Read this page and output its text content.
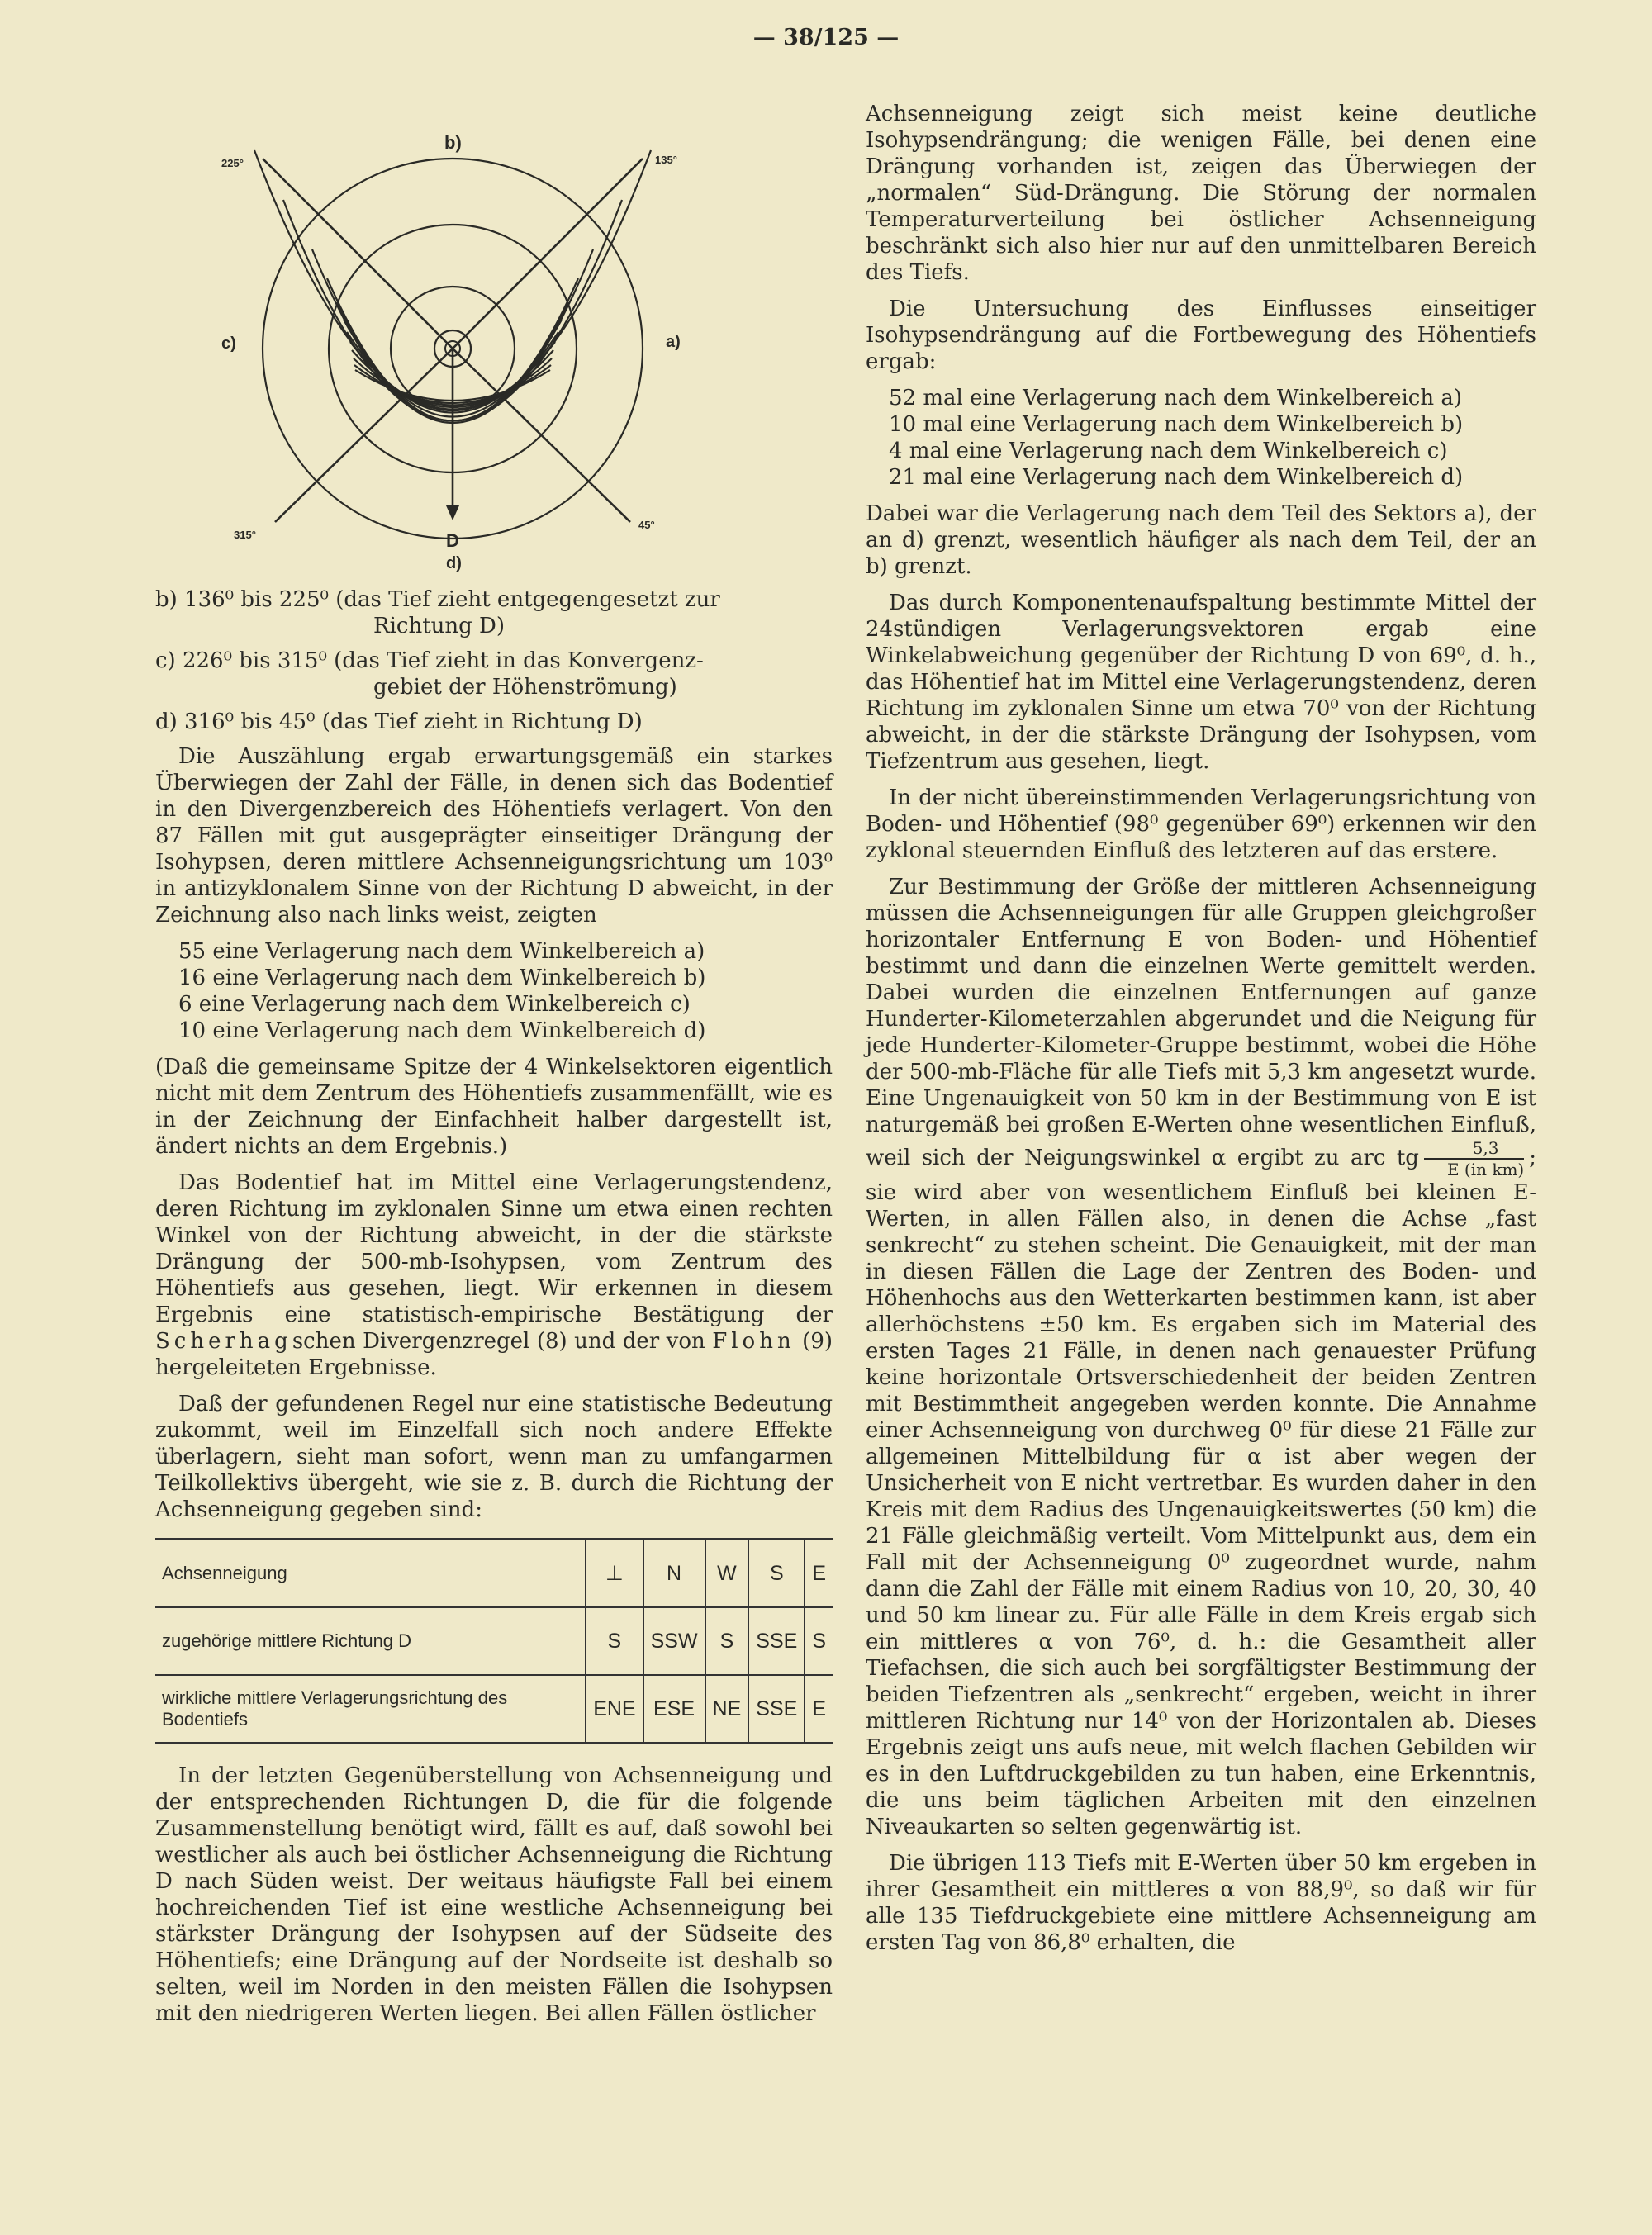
— 38/125 —
b)
c)	a)
D
d)
225°	135°
315°
45°
b) 136⁰ bis 225⁰ (das Tief zieht entgegengesetzt zur
Richtung D)
c) 226⁰ bis 315⁰ (das Tief zieht in das Konvergenz-
gebiet der Höhenströmung)
d) 316⁰ bis 45⁰ (das Tief zieht in Richtung D)

Die Auszählung ergab erwartungsgemäß ein starkes Überwiegen der Zahl der Fälle, in denen sich das Bodentief in den Divergenzbereich des Höhentiefs verlagert. Von den 87 Fällen mit gut ausgeprägter einseitiger Drängung der Isohypsen, deren mittlere Achsenneigungsrichtung um 103⁰ in antizyklonalem Sinne von der Richtung D abweicht, in der Zeichnung also nach links weist, zeigten

55 eine Verlagerung nach dem Winkelbereich a)
16 eine Verlagerung nach dem Winkelbereich b)
6 eine Verlagerung nach dem Winkelbereich c)
10 eine Verlagerung nach dem Winkelbereich d)

(Daß die gemeinsame Spitze der 4 Winkelsektoren eigentlich nicht mit dem Zentrum des Höhentiefs zusammenfällt, wie es in der Zeichnung der Einfachheit halber dargestellt ist, ändert nichts an dem Ergebnis.)

Das Bodentief hat im Mittel eine Verlagerungstendenz, deren Richtung im zyklonalen Sinne um etwa einen rechten Winkel von der Richtung abweicht, in der die stärkste Drängung der 500-mb-Isohypsen, vom Zentrum des Höhentiefs aus gesehen, liegt. Wir erkennen in diesem Ergebnis eine statistisch-empirische Bestätigung der Scherhagschen Divergenzregel (8) und der von Flohn (9) hergeleiteten Ergebnisse.

Daß der gefundenen Regel nur eine statistische Bedeutung zukommt, weil im Einzelfall sich noch andere Effekte überlagern, sieht man sofort, wenn man zu umfangarmen Teilkollektivs übergeht, wie sie z. B. durch die Richtung der Achsenneigung gegeben sind:

Achsenneigung	⊥	N	W	S	E
zugehörige mittlere Richtung D	S	SSW	S	SSE	S
wirkliche mittlere Verlagerungsrichtung des Bodentiefs	ENE	ESE	NE	SSE	E

In der letzten Gegenüberstellung von Achsenneigung und der entsprechenden Richtungen D, die für die folgende Zusammenstellung benötigt wird, fällt es auf, daß sowohl bei westlicher als auch bei östlicher Achsenneigung die Richtung D nach Süden weist. Der weitaus häufigste Fall bei einem hochreichenden Tief ist eine westliche Achsenneigung bei stärkster Drängung der Isohypsen auf der Südseite des Höhentiefs; eine Drängung auf der Nordseite ist deshalb so selten, weil im Norden in den meisten Fällen die Isohypsen mit den niedrigeren Werten liegen. Bei allen Fällen östlicher

Achsenneigung zeigt sich meist keine deutliche Isohypsendrängung; die wenigen Fälle, bei denen eine Drängung vorhanden ist, zeigen das Überwiegen der „normalen“ Süd-Drängung. Die Störung der normalen Temperaturverteilung bei östlicher Achsenneigung beschränkt sich also hier nur auf den unmittelbaren Bereich des Tiefs.

Die Untersuchung des Einflusses einseitiger Isohypsendrängung auf die Fortbewegung des Höhentiefs ergab:

52 mal eine Verlagerung nach dem Winkelbereich a)
10 mal eine Verlagerung nach dem Winkelbereich b)
4 mal eine Verlagerung nach dem Winkelbereich c)
21 mal eine Verlagerung nach dem Winkelbereich d)

Dabei war die Verlagerung nach dem Teil des Sektors a), der an d) grenzt, wesentlich häufiger als nach dem Teil, der an b) grenzt.

Das durch Komponentenaufspaltung bestimmte Mittel der 24stündigen Verlagerungsvektoren ergab eine Winkelabweichung gegenüber der Richtung D von 69⁰, d. h., das Höhentief hat im Mittel eine Verlagerungstendenz, deren Richtung im zyklonalen Sinne um etwa 70⁰ von der Richtung abweicht, in der die stärkste Drängung der Isohypsen, vom Tiefzentrum aus gesehen, liegt.

In der nicht übereinstimmenden Verlagerungsrichtung von Boden- und Höhentief (98⁰ gegenüber 69⁰) erkennen wir den zyklonal steuernden Einfluß des letzteren auf das erstere.

Zur Bestimmung der Größe der mittleren Achsenneigung müssen die Achsenneigungen für alle Gruppen gleichgroßer horizontaler Entfernung E von Boden- und Höhentief bestimmt und dann die einzelnen Werte gemittelt werden. Dabei wurden die einzelnen Entfernungen auf ganze Hunderter-Kilometerzahlen abgerundet und die Neigung für jede Hunderter-Kilometer-Gruppe bestimmt, wobei die Höhe der 500-mb-Fläche für alle Tiefs mit 5,3 km angesetzt wurde. Eine Ungenauigkeit von 50 km in der Bestimmung von E ist naturgemäß bei großen E-Werten ohne wesentlichen Einfluß, weil sich der Neigungswinkel α ergibt zu arc tg $\frac{5,3}{\text{E (in km)}}$ ; sie wird aber von wesentlichem Einfluß bei kleinen E-Werten, in allen Fällen also, in denen die Achse „fast senkrecht“ zu stehen scheint. Die Genauigkeit, mit der man in diesen Fällen die Lage der Zentren des Boden- und Höhenhochs aus den Wetterkarten bestimmen kann, ist aber allerhöchstens ±50 km. Es ergaben sich im Material des ersten Tages 21 Fälle, in denen nach genauester Prüfung keine horizontale Ortsverschiedenheit der beiden Zentren mit Bestimmtheit angegeben werden konnte. Die Annahme einer Achsenneigung von durchweg 0⁰ für diese 21 Fälle zur allgemeinen Mittelbildung für α ist aber wegen der Unsicherheit von E nicht vertretbar. Es wurden daher in den Kreis mit dem Radius des Ungenauigkeitswertes (50 km) die 21 Fälle gleichmäßig verteilt. Vom Mittelpunkt aus, dem ein Fall mit der Achsenneigung 0⁰ zugeordnet wurde, nahm dann die Zahl der Fälle mit einem Radius von 10, 20, 30, 40 und 50 km linear zu. Für alle Fälle in dem Kreis ergab sich ein mittleres α von 76⁰, d. h.: die Gesamtheit aller Tiefachsen, die sich auch bei sorgfältigster Bestimmung der beiden Tiefzentren als „senkrecht“ ergeben, weicht in ihrer mittleren Richtung nur 14⁰ von der Horizontalen ab. Dieses Ergebnis zeigt uns aufs neue, mit welch flachen Gebilden wir es in den Luftdruckgebilden zu tun haben, eine Erkenntnis, die uns beim täglichen Arbeiten mit den einzelnen Niveaukarten so selten gegenwärtig ist.

Die übrigen 113 Tiefs mit E-Werten über 50 km ergeben in ihrer Gesamtheit ein mittleres α von 88,9⁰, so daß wir für alle 135 Tiefdruckgebiete eine mittlere Achsenneigung am ersten Tag von 86,8⁰ erhalten, die
